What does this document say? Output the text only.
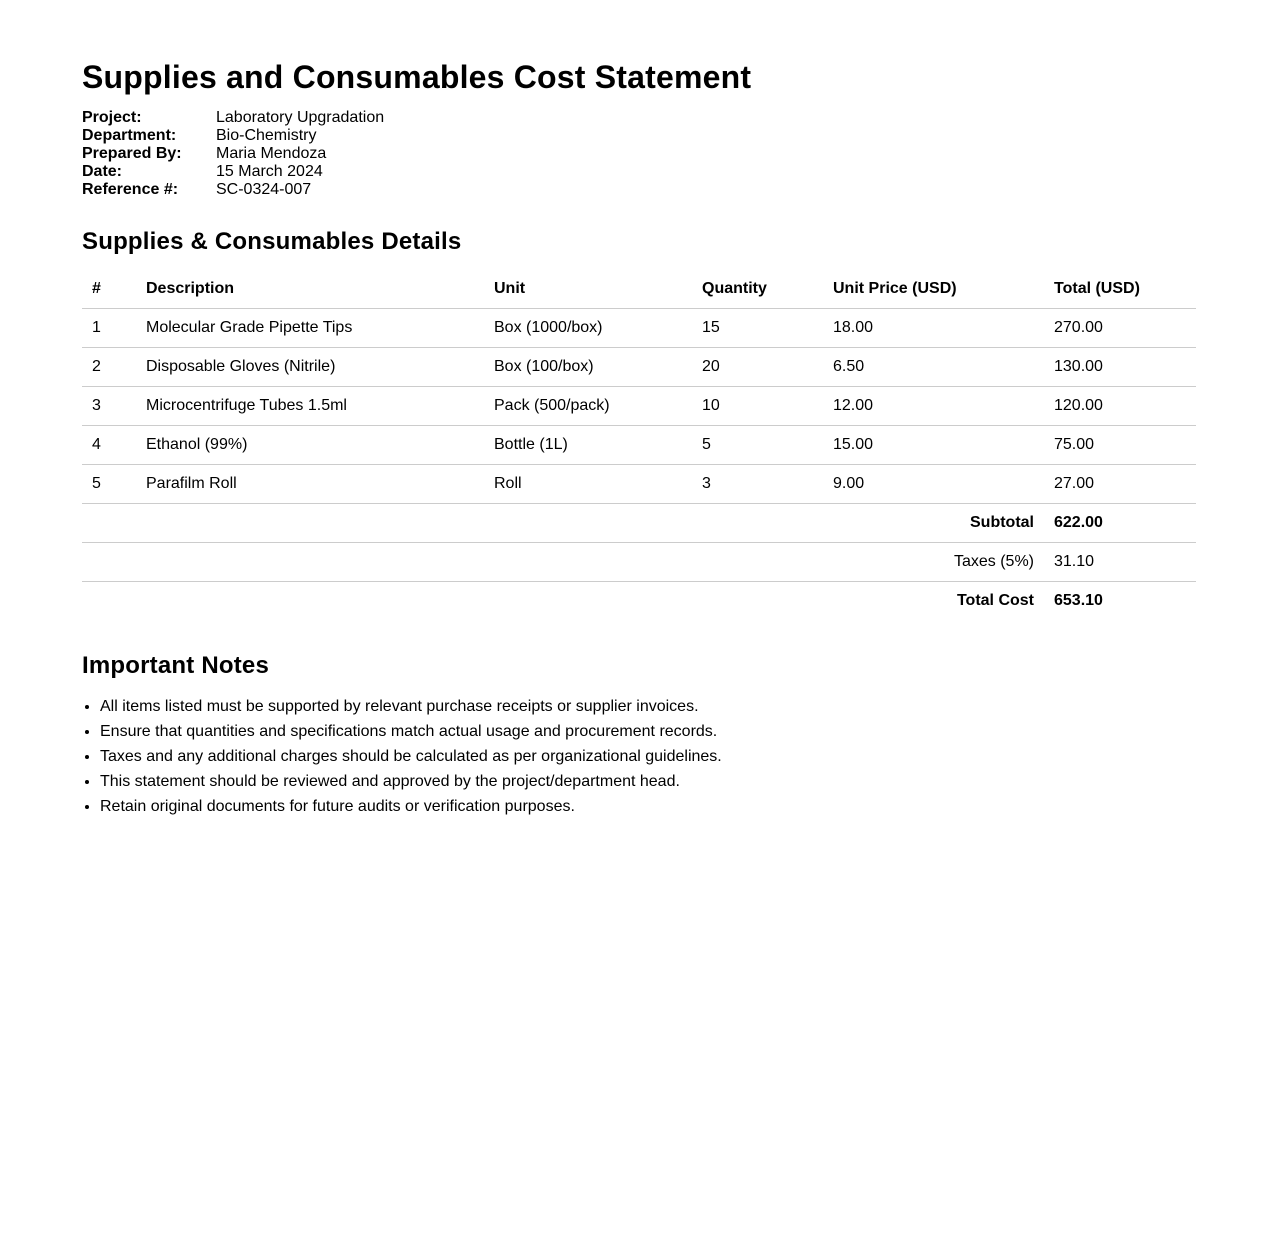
Supplies and Consumables Cost Statement
Project:	Laboratory Upgradation
Department:	Bio-Chemistry
Prepared By:	Maria Mendoza
Date:	15 March 2024
Reference #:	SC-0324-007
Supplies & Consumables Details
#	Description	Unit	Quantity	Unit Price (USD)	Total (USD)
1	Molecular Grade Pipette Tips	Box (1000/box)	15	18.00	270.00
2	Disposable Gloves (Nitrile)	Box (100/box)	20	6.50	130.00
3	Microcentrifuge Tubes 1.5ml	Pack (500/pack)	10	12.00	120.00
4	Ethanol (99%)	Bottle (1L)	5	15.00	75.00
5	Parafilm Roll	Roll	3	9.00	27.00
Subtotal					622.00
Taxes (5%)					31.10
Total Cost					653.10
Important Notes
• All items listed must be supported by relevant purchase receipts or supplier invoices.
• Ensure that quantities and specifications match actual usage and procurement records.
• Taxes and any additional charges should be calculated as per organizational guidelines.
• This statement should be reviewed and approved by the project/department head.
• Retain original documents for future audits or verification purposes.
